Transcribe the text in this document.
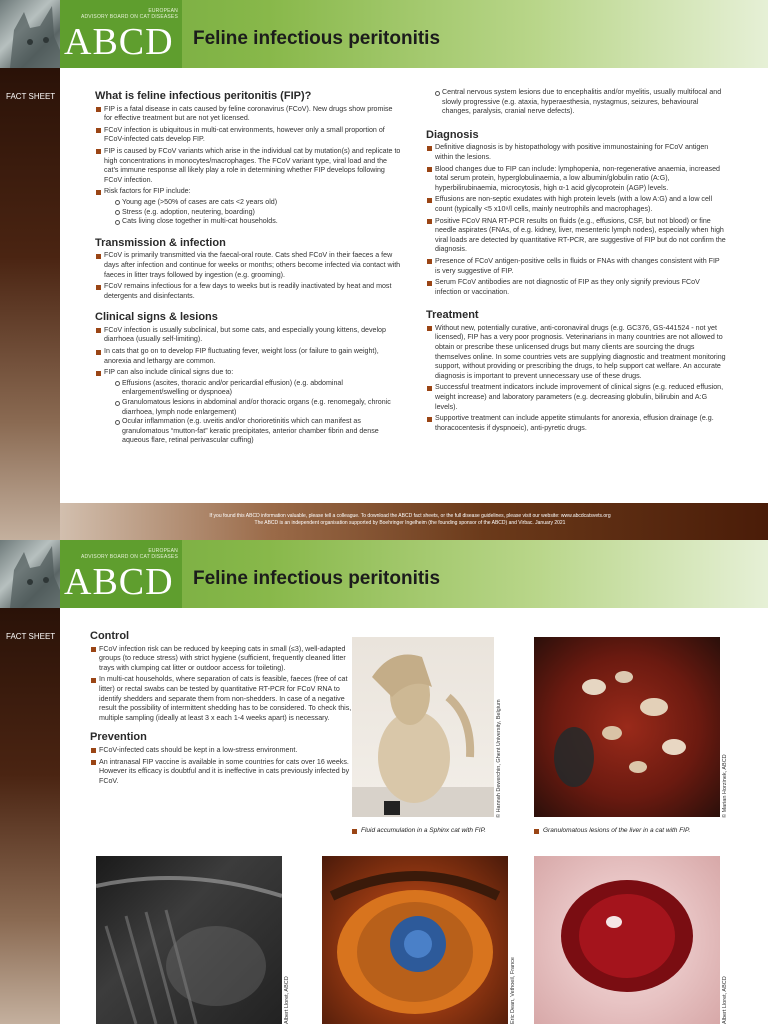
EUROPEAN
ADVISORY BOARD ON CAT DISEASES
ABCD Feline infectious peritonitis
FACT SHEET	What is feline infectious peritonitis (FIP)?
FIP is a fatal disease in cats caused by feline coronavirus (FCoV). New drugs show promise for effective treatment but are not yet licensed.
FCoV infection is ubiquitous in multi-cat environments, however only a small proportion of FCoV-infected cats develop FIP.
FIP is caused by FCoV variants which arise in the individual cat by mutation(s) and replicate to high concentrations in monocytes/macrophages. The FCoV variant type, viral load and the cat’s immune response all likely play a role in determining whether FIP develops following FCoV infection.
Risk factors for FIP include:
Young age (>50% of cases are cats <2 years old)
Stress (e.g. adoption, neutering, boarding)
Cats living close together in multi-cat households.
Transmission & infection
FCoV is primarily transmitted via the faecal-oral route. Cats shed FCoV in their faeces a few days after infection and continue for weeks or months; others become infected via contact with faeces in litter trays followed by ingestion (e.g. grooming).
FCoV remains infectious for a few days to weeks but is readily inactivated by heat and most detergents and disinfectants.
Clinical signs & lesions
FCoV infection is usually subclinical, but some cats, and especially young kittens, develop diarrhoea (usually self-limiting).
In cats that go on to develop FIP fluctuating fever, weight loss (or failure to gain weight), anorexia and lethargy are common.
FIP can also include clinical signs due to:
Effusions (ascites, thoracic and/or pericardial effusion) (e.g. abdominal enlargement/swelling or dyspnoea)
Granulomatous lesions in abdominal and/or thoracic organs (e.g. renomegaly, chronic diarrhoea, lymph node enlargement)
Ocular inflammation (e.g. uveitis and/or chorioretinitis which can manifest as granulomatous “mutton-fat” keratic precipitates, anterior chamber fibrin and dense aqueous flare, retinal perivascular cuffing)
Central nervous system lesions due to encephalitis and/or myelitis, usually multifocal and slowly progressive (e.g. ataxia, hyperaesthesia, nystagmus, seizures, behavioural changes, paralysis, cranial nerve defects).
Diagnosis
Definitive diagnosis is by histopathology with positive immunostaining for FCoV antigen within the lesions.
Blood changes due to FIP can include: lymphopenia, non-regenerative anaemia, increased total serum protein, hyperglobulinaemia, a low albumin/globulin ratio (A:G), hyperbilirubinaemia, microcytosis, high α-1 acid glycoprotein (AGP) levels.
Effusions are non-septic exudates with high protein levels (with a low A:G) and a low cell count (typically <5 x10⁹/l cells, mainly neutrophils and macrophages).
Positive FCoV RNA RT-PCR results on fluids (e.g., effusions, CSF, but not blood) or fine needle aspirates (FNAs, of e.g. kidney, liver, mesenteric lymph nodes), especially when high viral loads are detected by quantitative RT-PCR, are suggestive of FIP but do not confirm the diagnosis.
Presence of FCoV antigen-positive cells in fluids or FNAs with changes consistent with FIP is very suggestive of FIP.
Serum FCoV antibodies are not diagnostic of FIP as they only signify previous FCoV infection or vaccination.
Treatment
Without new, potentially curative, anti-coronaviral drugs (e.g. GC376, GS-441524 - not yet licensed), FIP has a very poor prognosis. Veterinarians in many countries are not allowed to obtain or prescribe these unlicensed drugs but many clients are sourcing the drugs themselves online. In some countries vets are supplying diagnostic and treatment monitoring support, without providing or prescribing the drugs, to help support cat welfare. An accurate diagnosis is important to prevent unnecessary use of these drugs.
Successful treatment indicators include improvement of clinical signs (e.g. reduced effusion, weight increase) and laboratory parameters (e.g. decreasing globulin, bilirubin and A:G levels).
Supportive treatment can include appetite stimulants for anorexia, effusion drainage (e.g. thoracocentesis if dyspnoeic), anti-pyretic drugs.
If you found this ABCD information valuable, please tell a colleague. To download the ABCD fact sheets, or the full disease guidelines, please visit our website: www.abcdcatsvets.org
The ABCD is an independent organisation supported by Boehringer Ingelheim (the founding sponsor of the ABCD) and Virbac. January 2021
EUROPEAN
ADVISORY BOARD ON CAT DISEASES
ABCD Feline infectious peritonitis
FACT SHEET	Control
FCoV infection risk can be reduced by keeping cats in small (≤3), well-adapted groups (to reduce stress) with strict hygiene (sufficient, frequently cleaned litter trays with clumping cat litter or outdoor access for toileting).
In multi-cat households, where separation of cats is feasible, faeces (free of cat litter) or rectal swabs can be tested by quantitative RT-PCR for FCoV RNA to identify shedders and separate them from non-shedders. In case of a negative result the possibility of intermittent shedding has to be considered. To check this, multiple sampling (ideally at least 3 x each 1-4 weeks apart) is necessary.
Prevention
FCoV-infected cats should be kept in a low-stress environment.
An intranasal FIP vaccine is available in some countries for cats over 16 weeks. However its efficacy is doubtful and it is ineffective in cats previously infected by FCoV.	© Hannah Dewerchin, Ghent University, Belgium
Fluid accumulation in a Sphinx cat with FIP.
© Marian Horzinek, ABCD
Granulomatous lesions of the liver in a cat with FIP.
Albert Lloret, ABCD	Eric Dean, Vethoeil, France	Albert Lloret, ABCD
